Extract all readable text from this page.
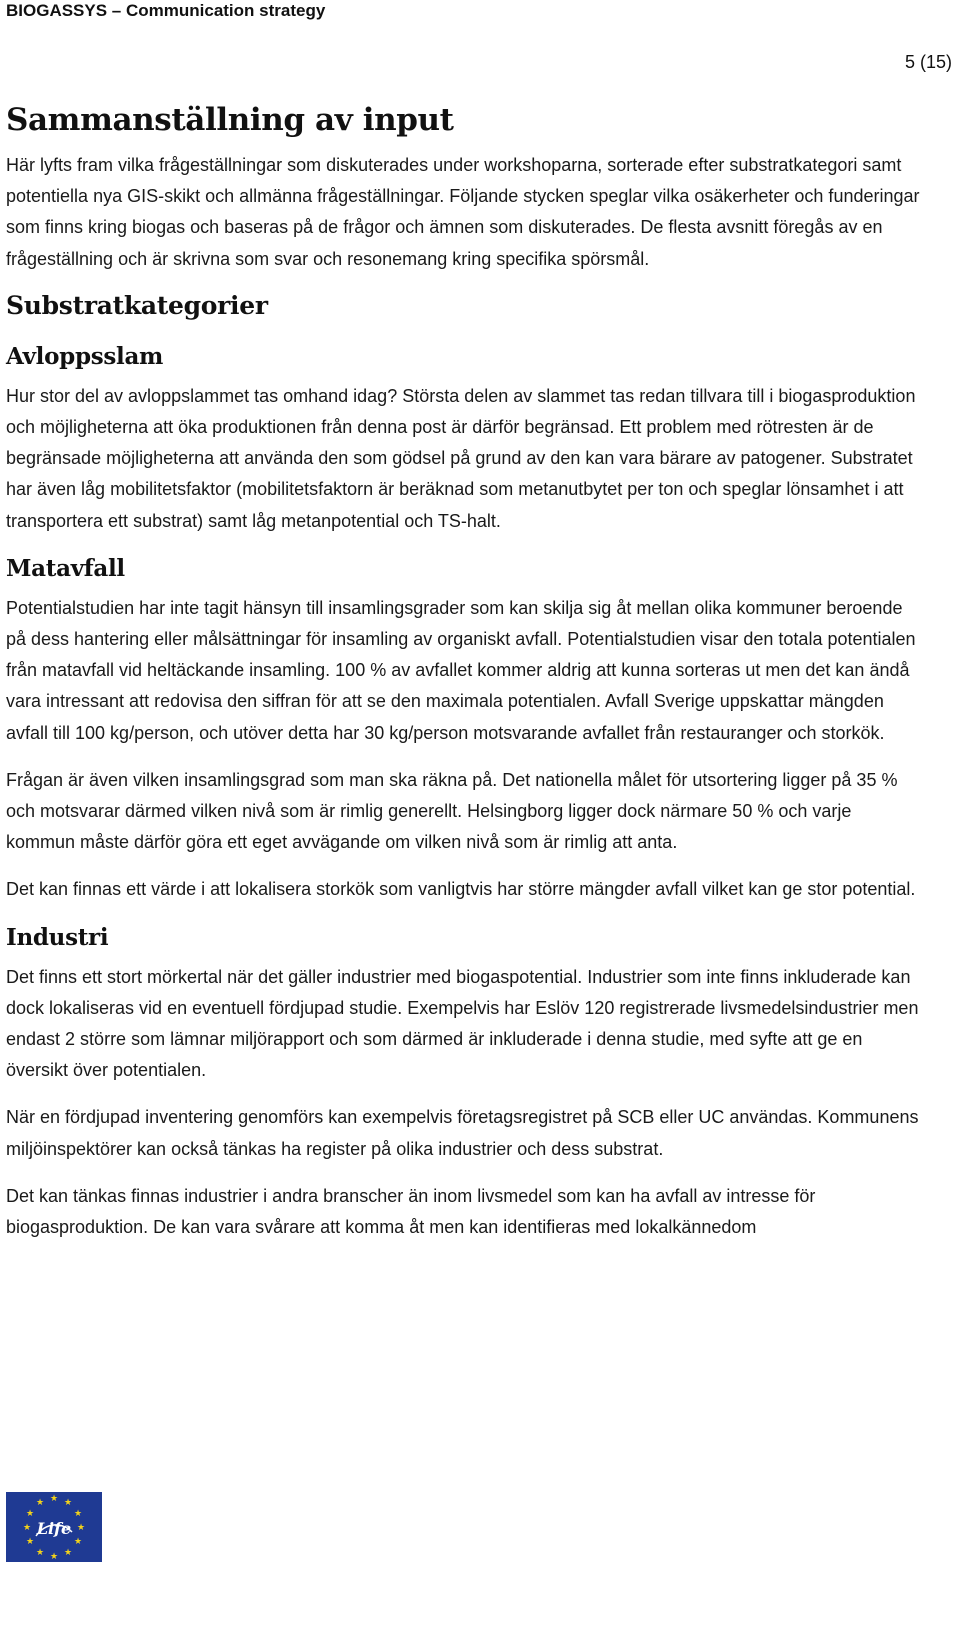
BIOGASSYS – Communication strategy
5 (15)
Sammanställning av input

Här lyfts fram vilka frågeställningar som diskuterades under workshoparna, sorterade efter substratkategori samt potentiella nya GIS-skikt och allmänna frågeställningar. Följande stycken speglar vilka osäkerheter och funderingar som finns kring biogas och baseras på de frågor och ämnen som diskuterades. De flesta avsnitt föregås av en frågeställning och är skrivna som svar och resonemang kring specifika spörsmål.

Substratkategorier
Avloppsslam

Hur stor del av avloppslammet tas omhand idag? Största delen av slammet tas redan tillvara till i biogasproduktion och möjligheterna att öka produktionen från denna post är därför begränsad. Ett problem med rötresten är de begränsade möjligheterna att använda den som gödsel på grund av den kan vara bärare av patogener. Substratet har även låg mobilitetsfaktor (mobilitetsfaktorn är beräknad som metanutbytet per ton och speglar lönsamhet i att transportera ett substrat) samt låg metanpotential och TS-halt.

Matavfall

Potentialstudien har inte tagit hänsyn till insamlingsgrader som kan skilja sig åt mellan olika kommuner beroende på dess hantering eller målsättningar för insamling av organiskt avfall. Potentialstudien visar den totala potentialen från matavfall vid heltäckande insamling. 100 % av avfallet kommer aldrig att kunna sorteras ut men det kan ändå vara intressant att redovisa den siffran för att se den maximala potentialen. Avfall Sverige uppskattar mängden avfall till 100 kg/person, och utöver detta har 30 kg/person motsvarande avfallet från restauranger och storkök.

Frågan är även vilken insamlingsgrad som man ska räkna på. Det nationella målet för utsortering ligger på 35 % och motsvarar därmed vilken nivå som är rimlig generellt. Helsingborg ligger dock närmare 50 % och varje kommun måste därför göra ett eget avvägande om vilken nivå som är rimlig att anta.

Det kan finnas ett värde i att lokalisera storkök som vanligtvis har större mängder avfall vilket kan ge stor potential.

Industri

Det finns ett stort mörkertal när det gäller industrier med biogaspotential. Industrier som inte finns inkluderade kan dock lokaliseras vid en eventuell fördjupad studie. Exempelvis har Eslöv 120 registrerade livsmedelsindustrier men endast 2 större som lämnar miljörapport och som därmed är inkluderade i denna studie, med syfte att ge en översikt över potentialen.

När en fördjupad inventering genomförs kan exempelvis företagsregistret på SCB eller UC användas. Kommunens miljöinspektörer kan också tänkas ha register på olika industrier och dess substrat.

Det kan tänkas finnas industrier i andra branscher än inom livsmedel som kan ha avfall av intresse för biogasproduktion. De kan vara svårare att komma åt men kan identifieras med lokalkännedom

★ ★
★
★
★
★
★
★
★
★
★
★
Life
